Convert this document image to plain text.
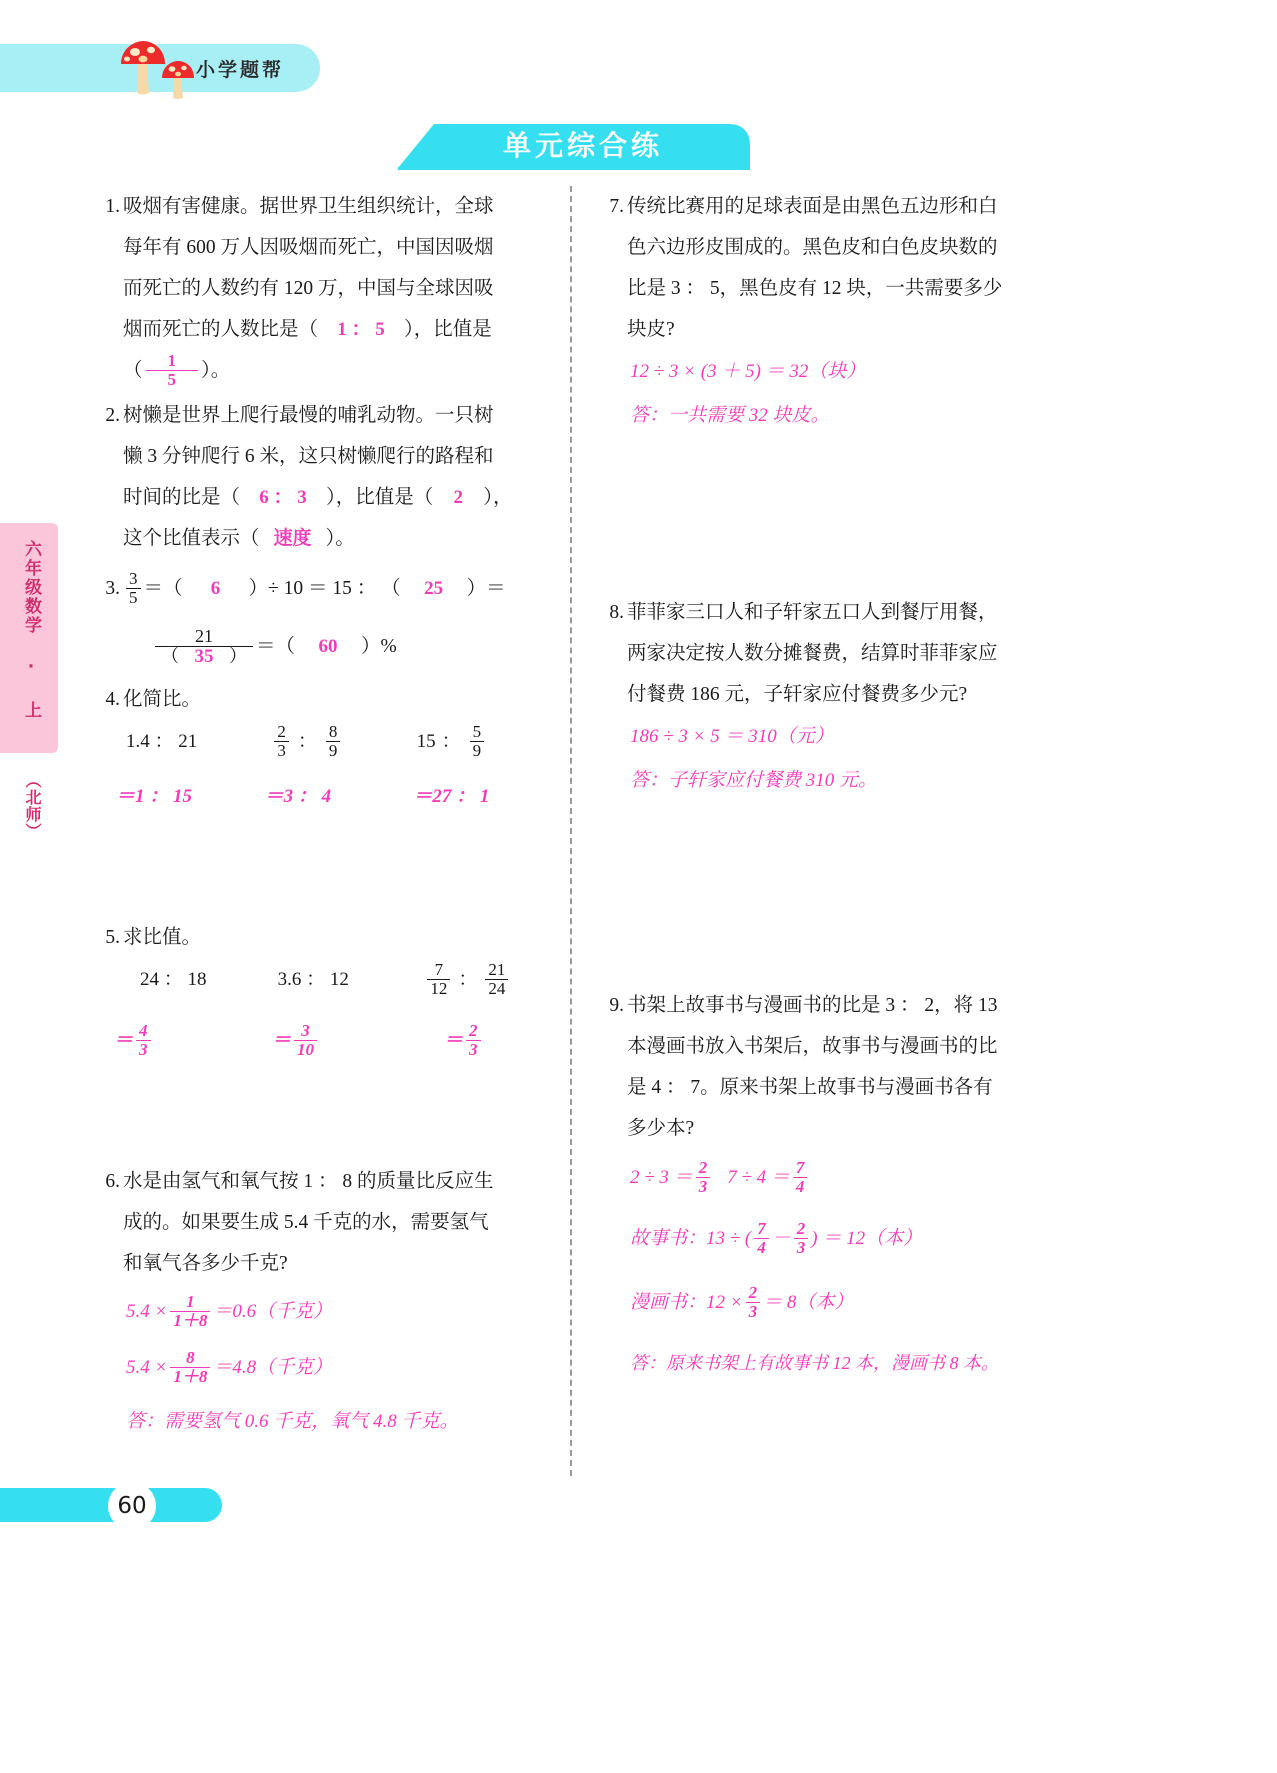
小学题帮
单元综合练
六年级数学 · 上
（北师）
1. 吸烟有害健康。据世界卫生组织统计，全球
每年有 600 万人因吸烟而死亡，中国因吸烟
而死亡的人数约有 120 万，中国与全球因吸
烟而死亡的人数比是（ 1 ： 5 ），比值是
（ $\frac{1}{5}$ ）。
2. 树懒是世界上爬行最慢的哺乳动物。一只树
懒 3 分钟爬行 6 米，这只树懒爬行的路程和
时间的比是（ 6 ： 3 ），比值是（ 2 ），
这个比值表示（ 速度 ）。
3. $\frac{3}{5}$ ＝（ 6 ）÷ 10 ＝ 15 ： （ 25 ）＝
$\frac{21}{( 35 )}$ ＝（ 60 ）%
4. 化简比。
1.4 ： 21	$\frac{2}{3}$ ： $\frac{8}{9}$	15 ： $\frac{5}{9}$
＝1 ： 15	＝3 ： 4	＝27 ： 1
5. 求比值。
24 ： 18	3.6 ： 12	$\frac{7}{12}$ ： $\frac{21}{24}$
＝ $\frac{4}{3}$	＝ $\frac{3}{10}$	＝ $\frac{2}{3}$
6. 水是由氢气和氧气按 1 ： 8 的质量比反应生
成的。如果要生成 5.4 千克的水，需要氢气
和氧气各多少千克?
$5.4 \times \frac{1}{1+8} =0.6$（千克）
$5.4 \times \frac{8}{1+8} =4.8$（千克）
答：需要氢气 0.6 千克，氧气 4.8 千克。
7. 传统比赛用的足球表面是由黑色五边形和白
色六边形皮围成的。黑色皮和白色皮块数的
比是 3 ： 5，黑色皮有 12 块，一共需要多少
块皮?
12 ÷ 3 × (3 ＋ 5) ＝ 32（块）
答：一共需要 32 块皮。
8. 菲菲家三口人和子轩家五口人到餐厅用餐，
两家决定按人数分摊餐费，结算时菲菲家应
付餐费 186 元，子轩家应付餐费多少元?
186 ÷ 3 × 5 ＝ 310（元）
答：子轩家应付餐费 310 元。
9. 书架上故事书与漫画书的比是 3 ： 2，将 13
本漫画书放入书架后，故事书与漫画书的比
是 4 ： 7。原来书架上故事书与漫画书各有
多少本?
$2 \div 3 = \frac{2}{3} 7 \div 4 = \frac{7}{4}$
故事书：13 ÷ ( $\frac{7}{4} - \frac{2}{3}$ ) ＝ 12（本）
漫画书：$12 \times \frac{2}{3} = 8$（本）
答：原来书架上有故事书 12 本，漫画书 8 本。
60
